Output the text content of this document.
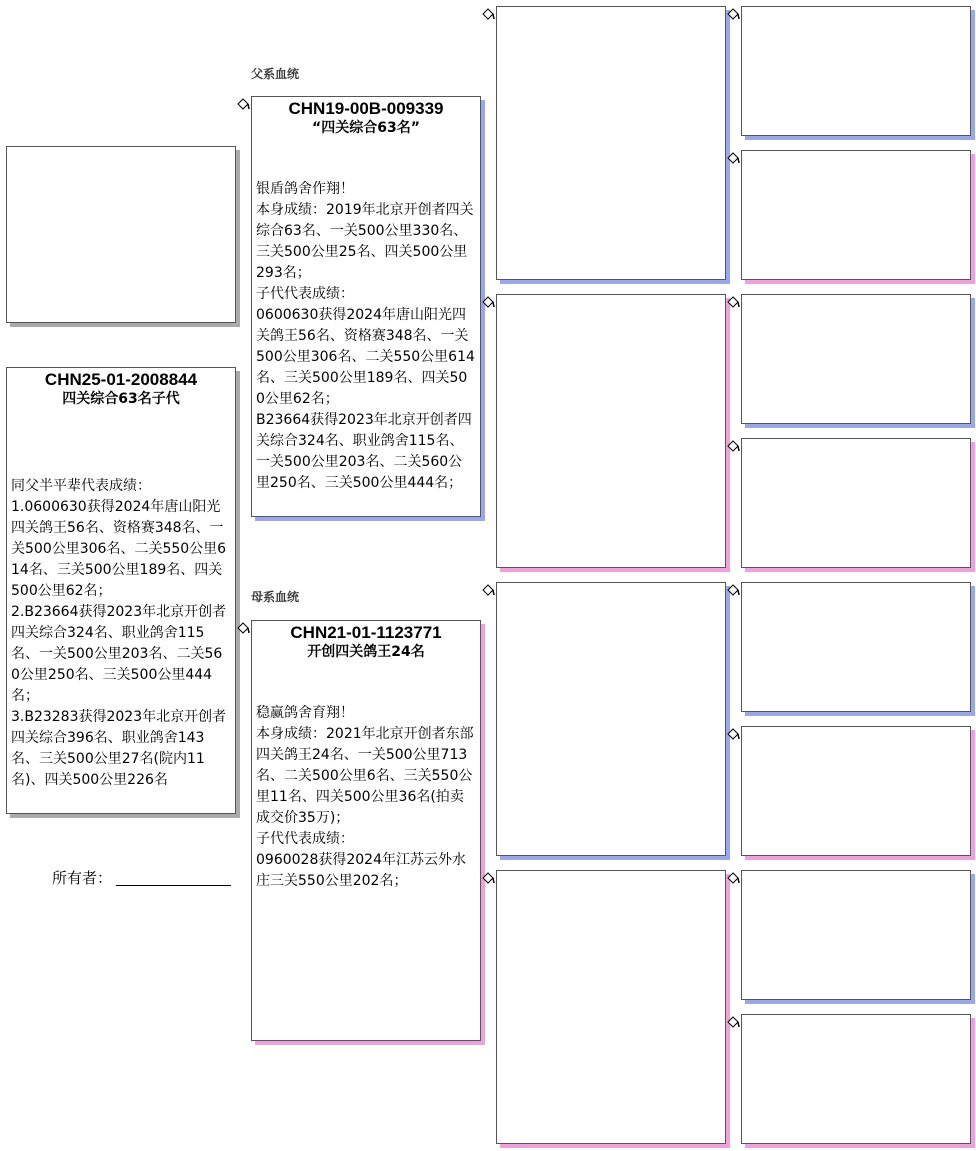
CHN25-01-2008844
四关综合63名子代
同父半平辈代表成绩：
1.0600630获得2024年唐山阳光四关鸽王56名、资格赛348名、一关500公里306名、二关550公里614名、三关500公里189名、四关500公里62名；
2.B23664获得2023年北京开创者四关综合324名、职业鸽舍115名、一关500公里203名、二关560公里250名、三关500公里444名；
3.B23283获得2023年北京开创者四关综合396名、职业鸽舍143名、三关500公里27名(院内11名)、四关500公里226名
所有者：
父系血统
母系血统
CHN19-00B-009339
“四关综合63名”
银盾鸽舍作翔！
本身成绩：2019年北京开创者四关综合63名、一关500公里330名、三关500公里25名、四关500公里293名；
子代代表成绩：
0600630获得2024年唐山阳光四关鸽王56名、资格赛348名、一关500公里306名、二关550公里614名、三关500公里189名、四关500公里62名；
B23664获得2023年北京开创者四关综合324名、职业鸽舍115名、一关500公里203名、二关560公里250名、三关500公里444名；
CHN21-01-1123771
开创四关鸽王24名
稳赢鸽舍育翔！
本身成绩：2021年北京开创者东部四关鸽王24名、一关500公里713名、二关500公里6名、三关550公里11名、四关500公里36名(拍卖成交价35万)；
子代代表成绩：
0960028获得2024年江苏云外水庄三关550公里202名；
